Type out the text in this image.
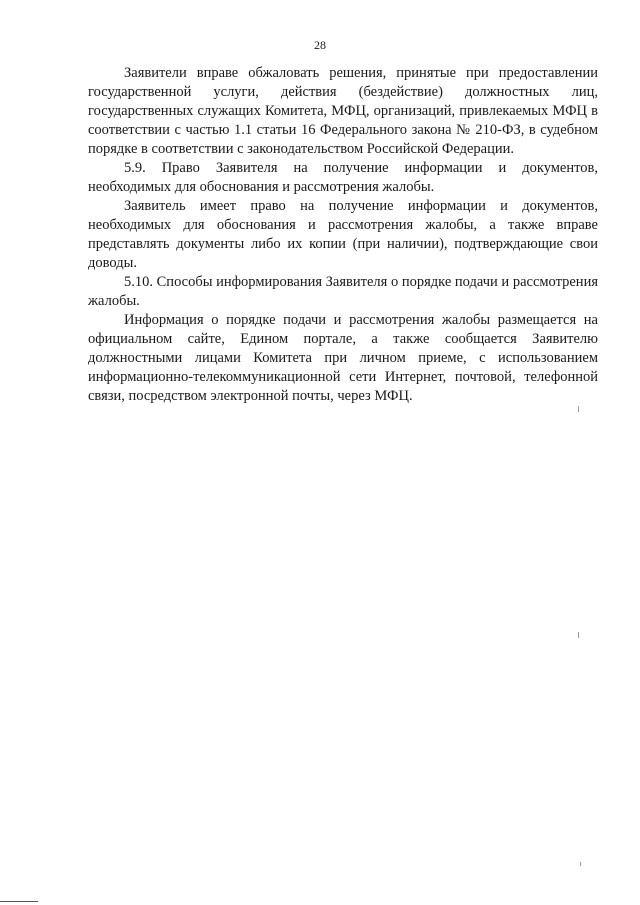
28

Заявители вправе обжаловать решения, принятые при предоставлении государственной услуги, действия (бездействие) должностных лиц, государственных служащих Комитета, МФЦ, организаций, привлекаемых МФЦ в соответствии с частью 1.1 статьи 16 Федерального закона № 210-ФЗ, в судебном порядке в соответствии с законодательством Российской Федерации.

5.9. Право Заявителя на получение информации и документов, необходимых для обоснования и рассмотрения жалобы.

Заявитель имеет право на получение информации и документов, необходимых для обоснования и рассмотрения жалобы, а также вправе представлять документы либо их копии (при наличии), подтверждающие свои доводы.

5.10. Способы информирования Заявителя о порядке подачи и рассмотрения жалобы.

Информация о порядке подачи и рассмотрения жалобы размещается на официальном сайте, Едином портале, а также сообщается Заявителю должностными лицами Комитета при личном приеме, с использованием информационно-телекоммуникационной сети Интернет, почтовой, телефонной связи, посредством электронной почты, через МФЦ.
